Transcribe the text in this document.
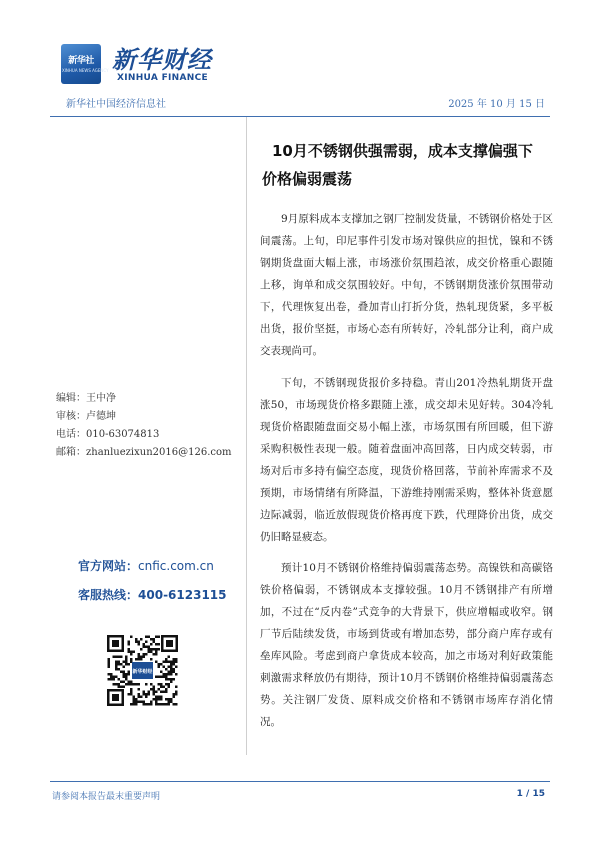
新华社
XINHUA NEWS AGENCY 新华财经
XINHUA FINANCE
新华社中国经济信息社	2025 年 10 月 15 日
编辑：王中净
审核：卢德坤
电话：010-63074813
邮箱：zhanluezixun2016@126.com
官方网站：cnfic.com.cn
客服热线：400-6123115
新华财经
10月不锈钢供强需弱，成本支撑偏强下
价格偏弱震荡

9月原料成本支撑加之钢厂控制发货量，不锈钢价格处于区间震荡。上旬，印尼事件引发市场对镍供应的担忧，镍和不锈钢期货盘面大幅上涨，市场涨价氛围趋浓，成交价格重心跟随上移，询单和成交氛围较好。中旬，不锈钢期货涨价氛围带动下，代理恢复出卷，叠加青山打折分货，热轧现货紧，多平板出货，报价坚挺，市场心态有所转好，冷轧部分让利，商户成交表现尚可。

下旬，不锈钢现货报价多持稳。青山201冷热轧期货开盘涨50，市场现货价格多跟随上涨，成交却未见好转。304冷轧现货价格跟随盘面交易小幅上涨，市场氛围有所回暖，但下游采购积极性表现一般。随着盘面冲高回落，日内成交转弱，市场对后市多持有偏空态度，现货价格回落，节前补库需求不及预期，市场情绪有所降温，下游维持刚需采购，整体补货意愿边际减弱，临近放假现货价格再度下跌，代理降价出货，成交仍旧略显疲态。

预计10月不锈钢价格维持偏弱震荡态势。高镍铁和高碳铬铁价格偏弱，不锈钢成本支撑较强。10月不锈钢排产有所增加，不过在“反内卷”式竞争的大背景下，供应增幅或收窄。钢厂节后陆续发货，市场到货或有增加态势，部分商户库存或有垒库风险。考虑到商户拿货成本较高，加之市场对利好政策能刺激需求释放仍有期待，预计10月不锈钢价格维持偏弱震荡态势。关注钢厂发货、原料成交价格和不锈钢市场库存消化情况。

请参阅本报告最末重要声明	1 / 15
